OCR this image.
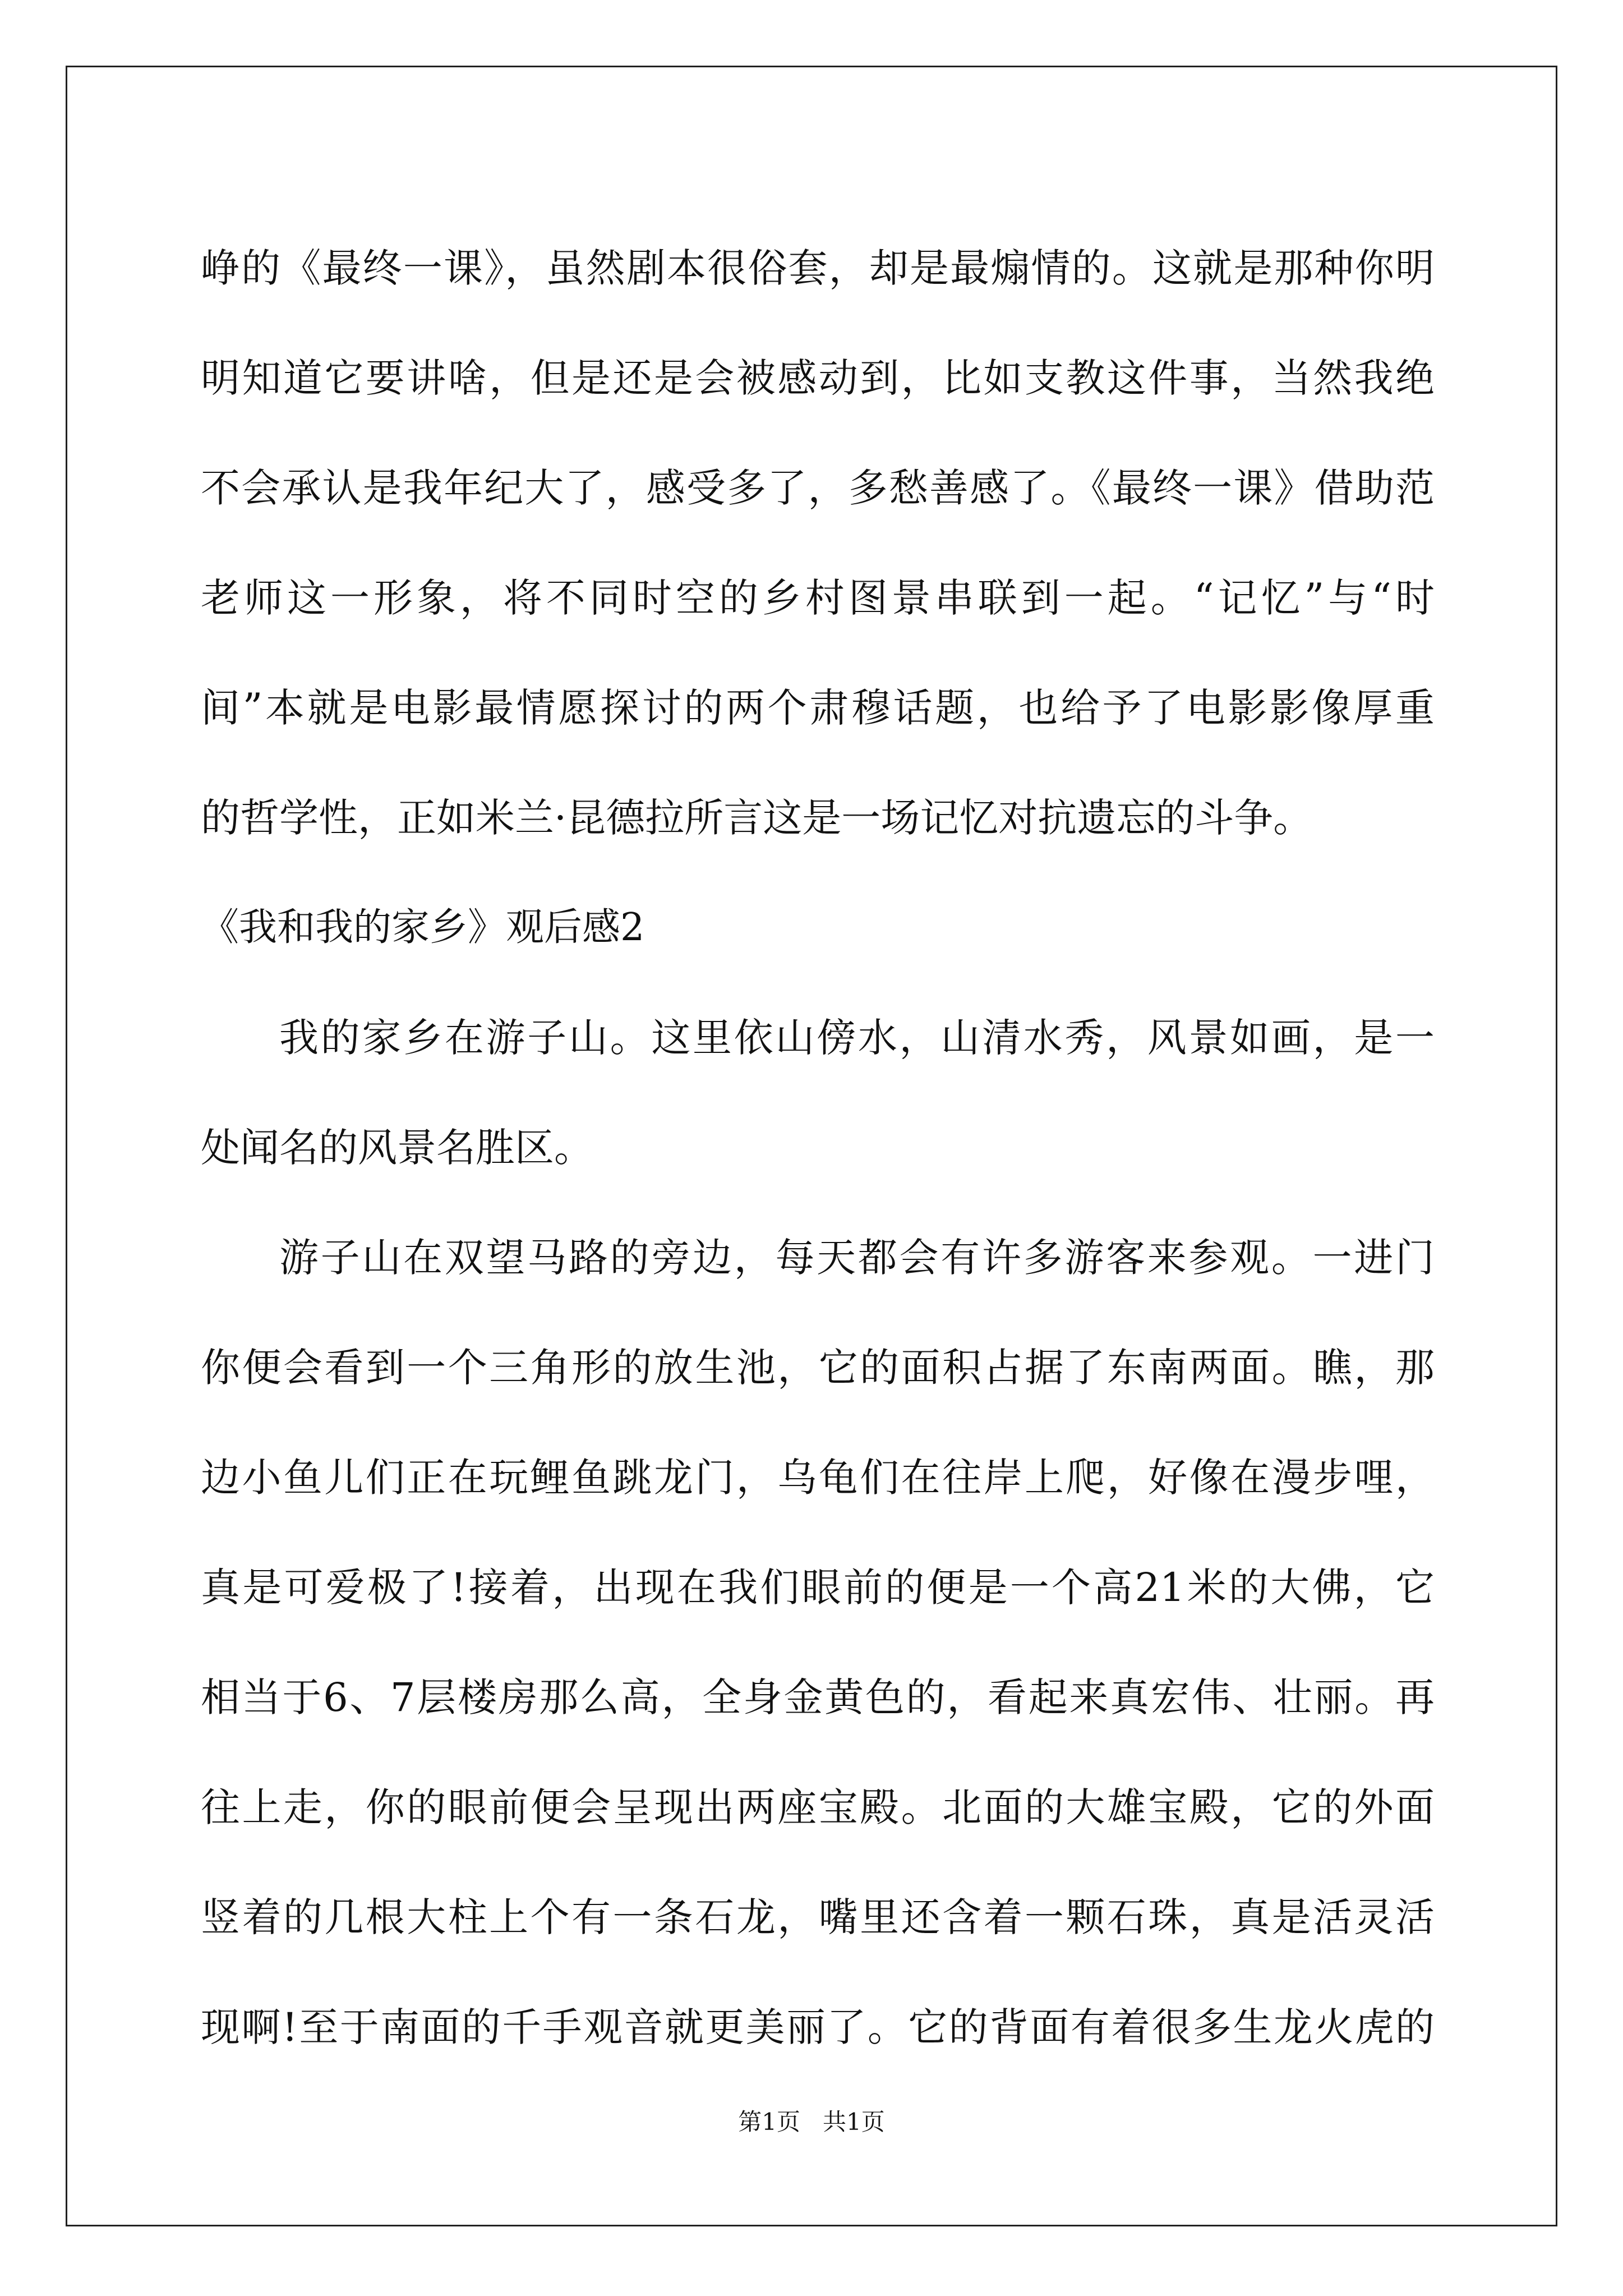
峥的《最终一课》，虽然剧本很俗套，却是最煽情的。这就是那种你明
明知道它要讲啥，但是还是会被感动到，比如支教这件事，当然我绝
不会承认是我年纪大了，感受多了，多愁善感了。《最终一课》借助范
老师这一形象，将不同时空的乡村图景串联到一起。“记忆”与“时
间”本就是电影最情愿探讨的两个肃穆话题，也给予了电影影像厚重
的哲学性，正如米兰·昆德拉所言这是一场记忆对抗遗忘的斗争。
《我和我的家乡》观后感2
我的家乡在游子山。这里依山傍水，山清水秀，风景如画，是一
处闻名的风景名胜区。
游子山在双望马路的旁边，每天都会有许多游客来参观。一进门
你便会看到一个三角形的放生池，它的面积占据了东南两面。瞧，那
边小鱼儿们正在玩鲤鱼跳龙门，乌龟们在往岸上爬，好像在漫步哩，
真是可爱极了!接着，出现在我们眼前的便是一个高21米的大佛，它
相当于6、7层楼房那么高，全身金黄色的，看起来真宏伟、壮丽。再
往上走，你的眼前便会呈现出两座宝殿。北面的大雄宝殿，它的外面
竖着的几根大柱上个有一条石龙，嘴里还含着一颗石珠，真是活灵活
现啊!至于南面的千手观音就更美丽了。它的背面有着很多生龙火虎的
第1页 共1页
